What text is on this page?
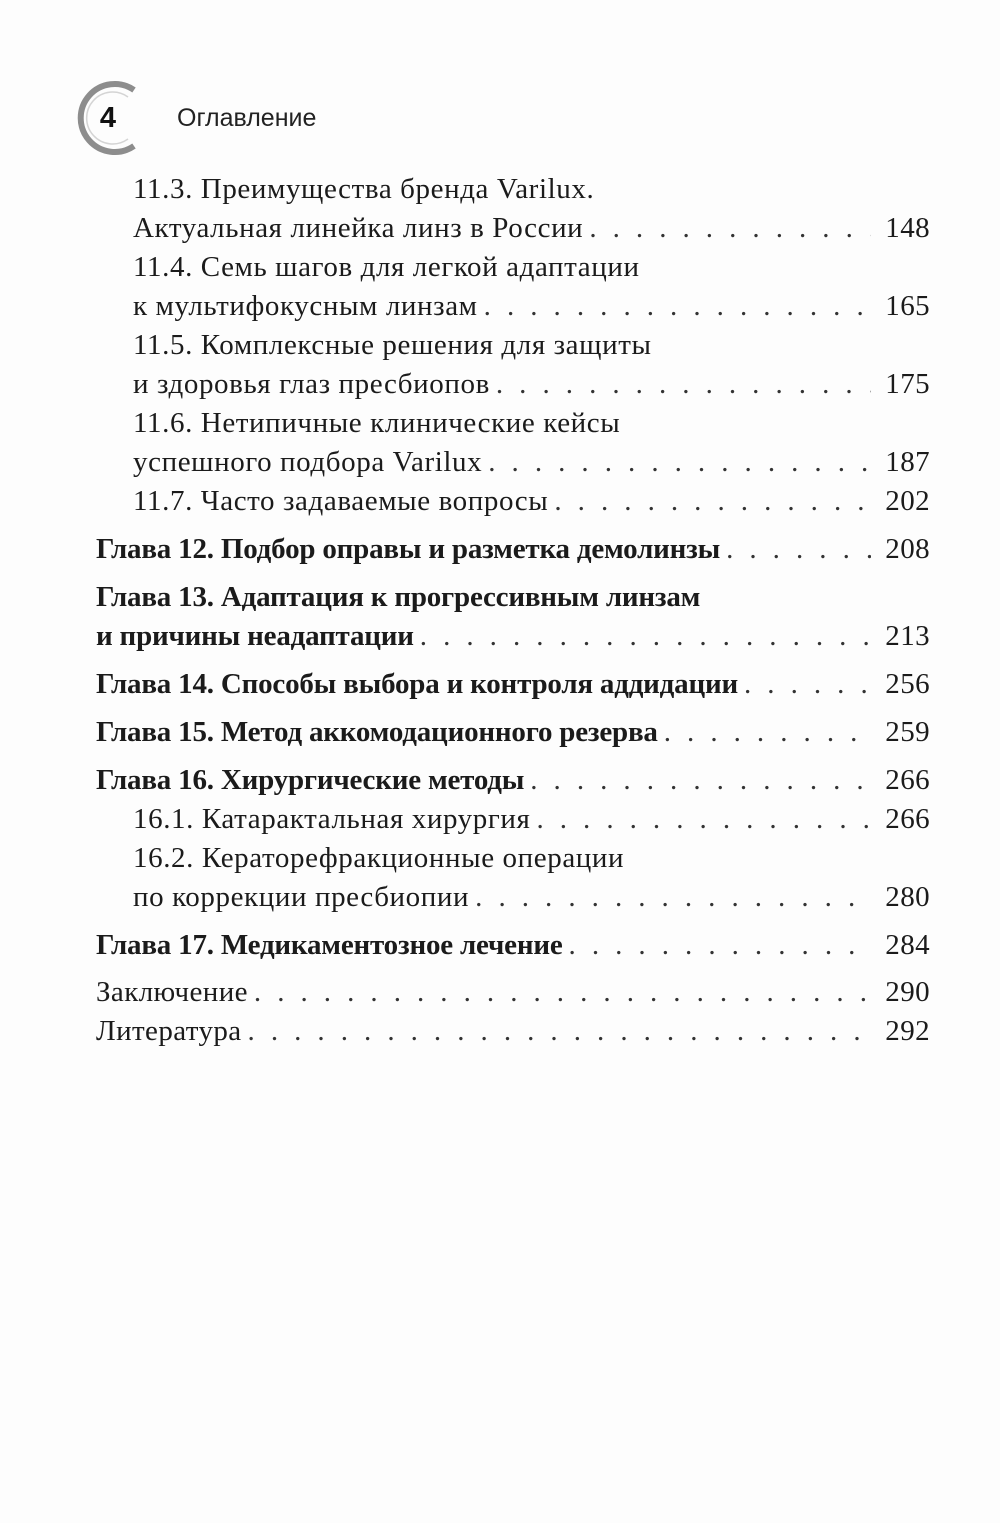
4	Оглавление
11.3. Преимущества бренда Varilux.
Актуальная линейка линз в России . . .	148
11.4. Семь шагов для легкой адаптации
к мультифокусным линзам . . .	165
11.5. Комплексные решения для защиты
и здоровья глаз пресбиопов . . .	175
11.6. Нетипичные клинические кейсы
успешного подбора Varilux . . .	187
11.7. Часто задаваемые вопросы . . .	202
Глава 12. Подбор оправы и разметка демолинзы . . .	208
Глава 13. Адаптация к прогрессивным линзам
и причины неадаптации . . .	213
Глава 14. Способы выбора и контроля аддидации . . .	256
Глава 15. Метод аккомодационного резерва . . .	259
Глава 16. Хирургические методы . . .	266
16.1. Катарактальная хирургия . . .	266
16.2. Кераторефракционные операции
по коррекции пресбиопии . . .	280
Глава 17. Медикаментозное лечение . . .	284
Заключение . . .	290
Литература . . .	292
